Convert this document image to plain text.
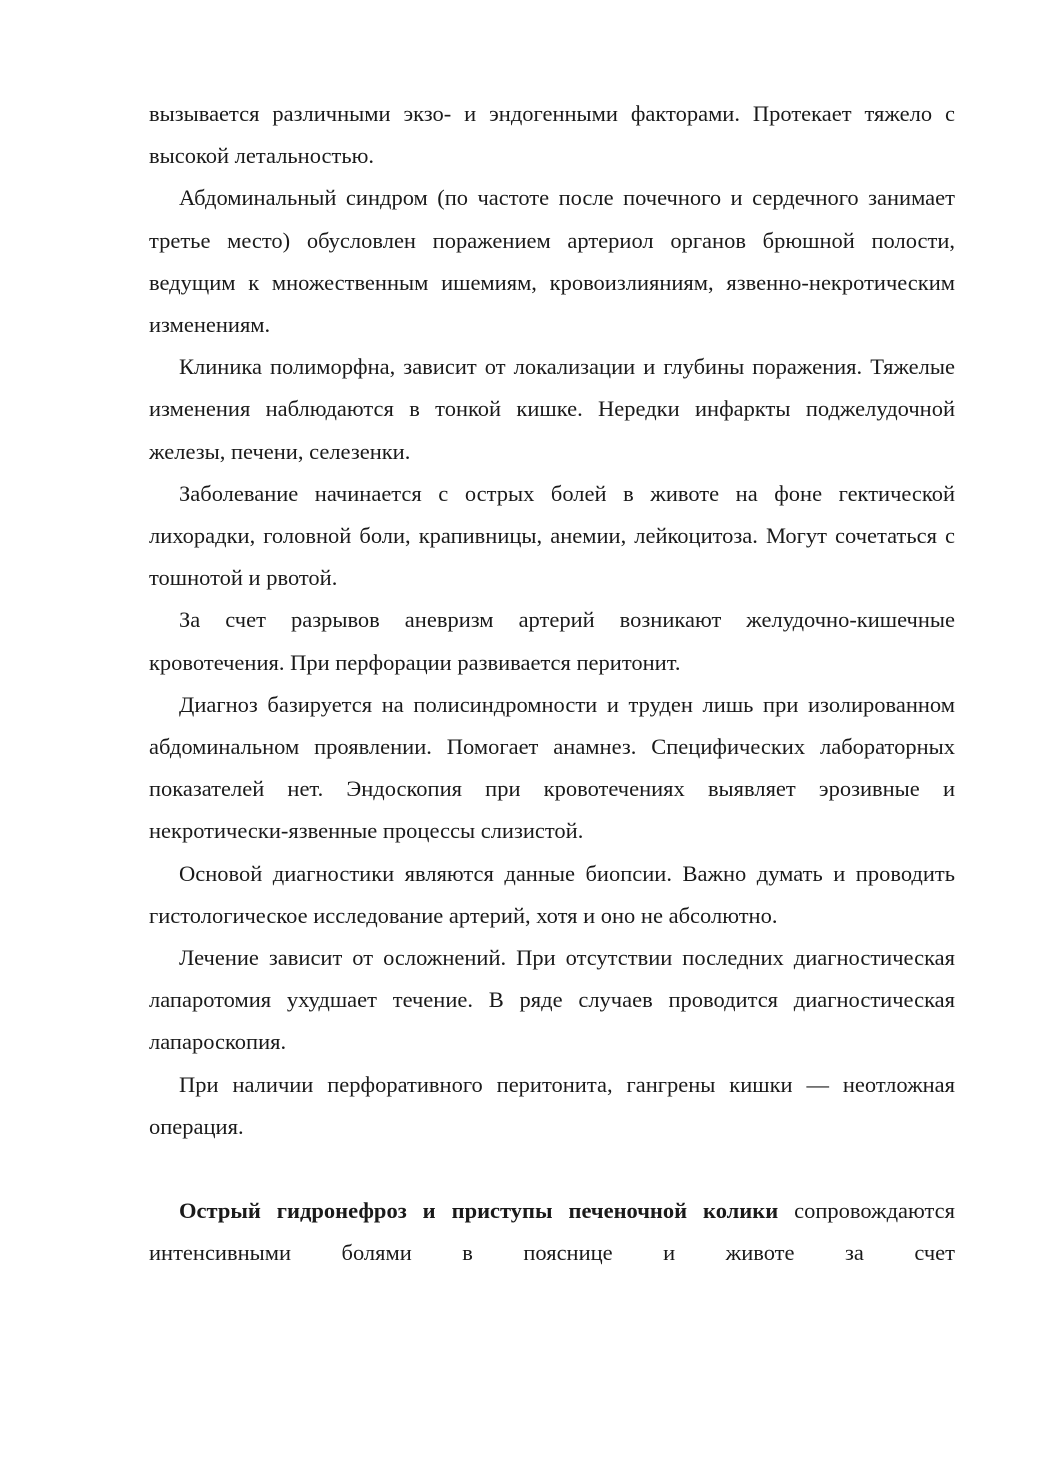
вызывается различными экзо- и эндогенными факторами. Протекает тяжело с высокой летальностью.

Абдоминальный синдром (по частоте после почечного и сердечного занимает третье место) обусловлен поражением артериол органов брюшной полости, ведущим к множественным ишемиям, кровоизлияниям, язвенно-некротическим изменениям.

Клиника полиморфна, зависит от локализации и глубины поражения. Тяжелые изменения наблюдаются в тонкой кишке. Нередки инфаркты поджелудочной железы, печени, селезенки.

Заболевание начинается с острых болей в животе на фоне гектической лихорадки, головной боли, крапивницы, анемии, лейкоцитоза. Могут сочетаться с тошнотой и рвотой.

За счет разрывов аневризм артерий возникают желудочно-кишечные кровотечения. При перфорации развивается перитонит.

Диагноз базируется на полисиндромности и труден лишь при изолированном абдоминальном проявлении. Помогает анамнез. Специфических лабораторных показателей нет. Эндоскопия при кровотечениях выявляет эрозивные и некротически-язвенные процессы слизистой.

Основой диагностики являются данные биопсии. Важно думать и проводить гистологическое исследование артерий, хотя и оно не абсолютно.

Лечение зависит от осложнений. При отсутствии последних диагностическая лапаротомия ухудшает течение. В ряде случаев проводится диагностическая лапароскопия.

При наличии перфоративного перитонита, гангрены кишки — неотложная операция.

Острый гидронефроз и приступы печеночной колики сопровождаются интенсивными болями в пояснице и животе за счет
